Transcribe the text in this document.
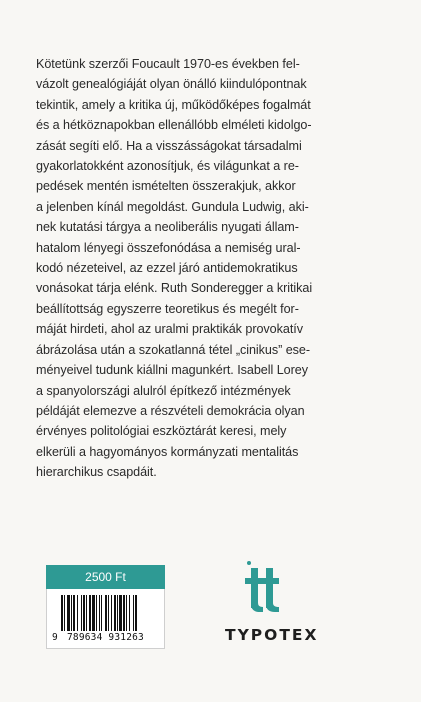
Kötetünk szerzői Foucault 1970-es években fel-
vázolt genealógiáját olyan önálló kiindulópontnak
tekintik, amely a kritika új, működőképes fogalmát
és a hétköznapokban ellenállóbb elméleti kidolgo-
zását segíti elő. Ha a visszásságokat társadalmi
gyakorlatokként azonosítjuk, és világunkat a re-
pedések mentén ismételten összerakjuk, akkor
a jelenben kínál megoldást. Gundula Ludwig, aki-
nek kutatási tárgya a neoliberális nyugati állam-
hatalom lényegi összefonódása a nemiség ural-
kodó nézeteivel, az ezzel járó antidemokratikus
vonásokat tárja elénk. Ruth Sonderegger a kritikai
beállítottság egyszerre teoretikus és megélt for-
máját hirdeti, ahol az uralmi praktikák provokatív
ábrázolása után a szokatlanná tétel „cinikus” ese-
ményeivel tudunk kiállni magunkért. Isabell Lorey
a spanyolországi alulról építkező intézmények
példáját elemezve a részvételi demokrácia olyan
érvényes politológiai eszköztárát keresi, mely
elkerüli a hagyományos kormányzati mentalitás
hierarchikus csapdáit.

2500 Ft
9 789634 931263	TYPOTEX
